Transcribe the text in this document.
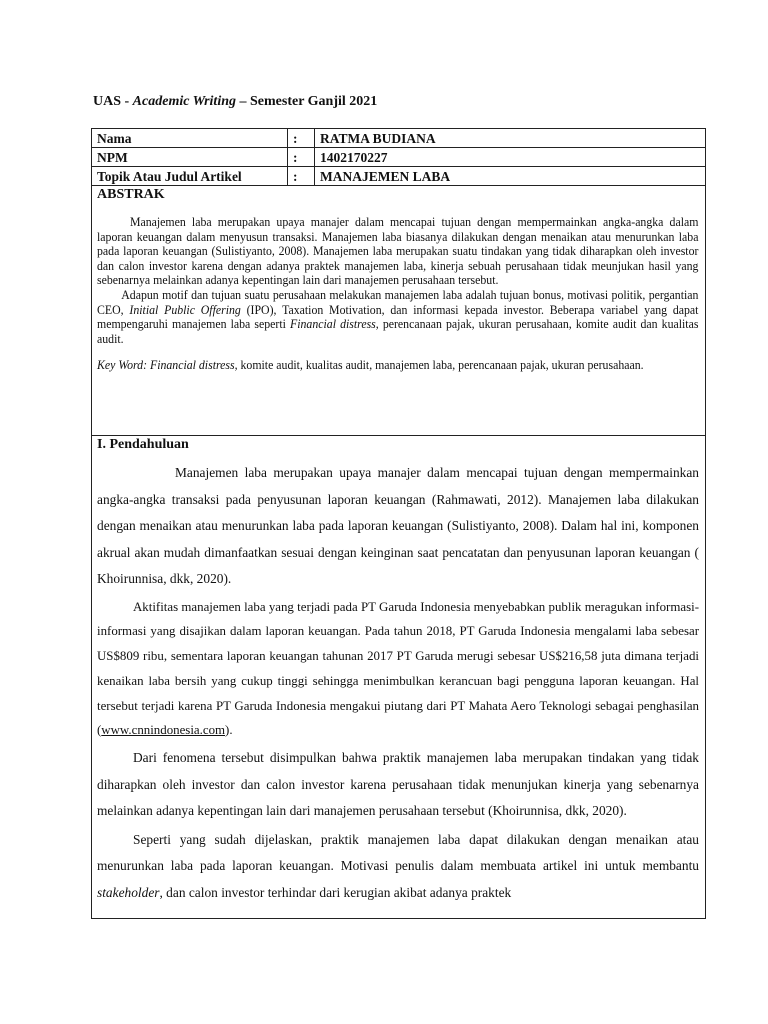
UAS - Academic Writing – Semester Ganjil 2021
Nama	:	RATMA BUDIANA
NPM	:	1402170227
Topik Atau Judul Artikel	:	MANAJEMEN LABA
ABSTRAK

Manajemen laba merupakan upaya manajer dalam mencapai tujuan dengan mempermainkan angka-angka dalam laporan keuangan dalam menyusun transaksi. Manajemen laba biasanya dilakukan dengan menaikan atau menurunkan laba pada laporan keuangan (Sulistiyanto, 2008). Manajemen laba merupakan suatu tindakan yang tidak diharapkan oleh investor dan calon investor karena dengan adanya praktek manajemen laba, kinerja sebuah perusahaan tidak meunjukan hasil yang sebenarnya melainkan adanya kepentingan lain dari manajemen perusahaan tersebut.

Adapun motif dan tujuan suatu perusahaan melakukan manajemen laba adalah tujuan bonus, motivasi politik, pergantian CEO, Initial Public Offering (IPO), Taxation Motivation, dan informasi kepada investor. Beberapa variabel yang dapat mempengaruhi manajemen laba seperti Financial distress, perencanaan pajak, ukuran perusahaan, komite audit dan kualitas audit.

Key Word: Financial distress, komite audit, kualitas audit, manajemen laba, perencanaan pajak, ukuran perusahaan.

I. Pendahuluan

Manajemen laba merupakan upaya manajer dalam mencapai tujuan dengan mempermainkan angka-angka transaksi pada penyusunan laporan keuangan (Rahmawati, 2012). Manajemen laba dilakukan dengan menaikan atau menurunkan laba pada laporan keuangan (Sulistiyanto, 2008). Dalam hal ini, komponen akrual akan mudah dimanfaatkan sesuai dengan keinginan saat pencatatan dan penyusunan laporan keuangan ( Khoirunnisa, dkk, 2020).

Aktifitas manajemen laba yang terjadi pada PT Garuda Indonesia menyebabkan publik meragukan informasi-informasi yang disajikan dalam laporan keuangan. Pada tahun 2018, PT Garuda Indonesia mengalami laba sebesar US$809 ribu, sementara laporan keuangan tahunan 2017 PT Garuda merugi sebesar US$216,58 juta dimana terjadi kenaikan laba bersih yang cukup tinggi sehingga menimbulkan kerancuan bagi pengguna laporan keuangan. Hal tersebut terjadi karena PT Garuda Indonesia mengakui piutang dari PT Mahata Aero Teknologi sebagai penghasilan (www.cnnindonesia.com).

Dari fenomena tersebut disimpulkan bahwa praktik manajemen laba merupakan tindakan yang tidak diharapkan oleh investor dan calon investor karena perusahaan tidak menunjukan kinerja yang sebenarnya melainkan adanya kepentingan lain dari manajemen perusahaan tersebut (Khoirunnisa, dkk, 2020).

Seperti yang sudah dijelaskan, praktik manajemen laba dapat dilakukan dengan menaikan atau menurunkan laba pada laporan keuangan. Motivasi penulis dalam membuata artikel ini untuk membantu stakeholder, dan calon investor terhindar dari kerugian akibat adanya praktek
